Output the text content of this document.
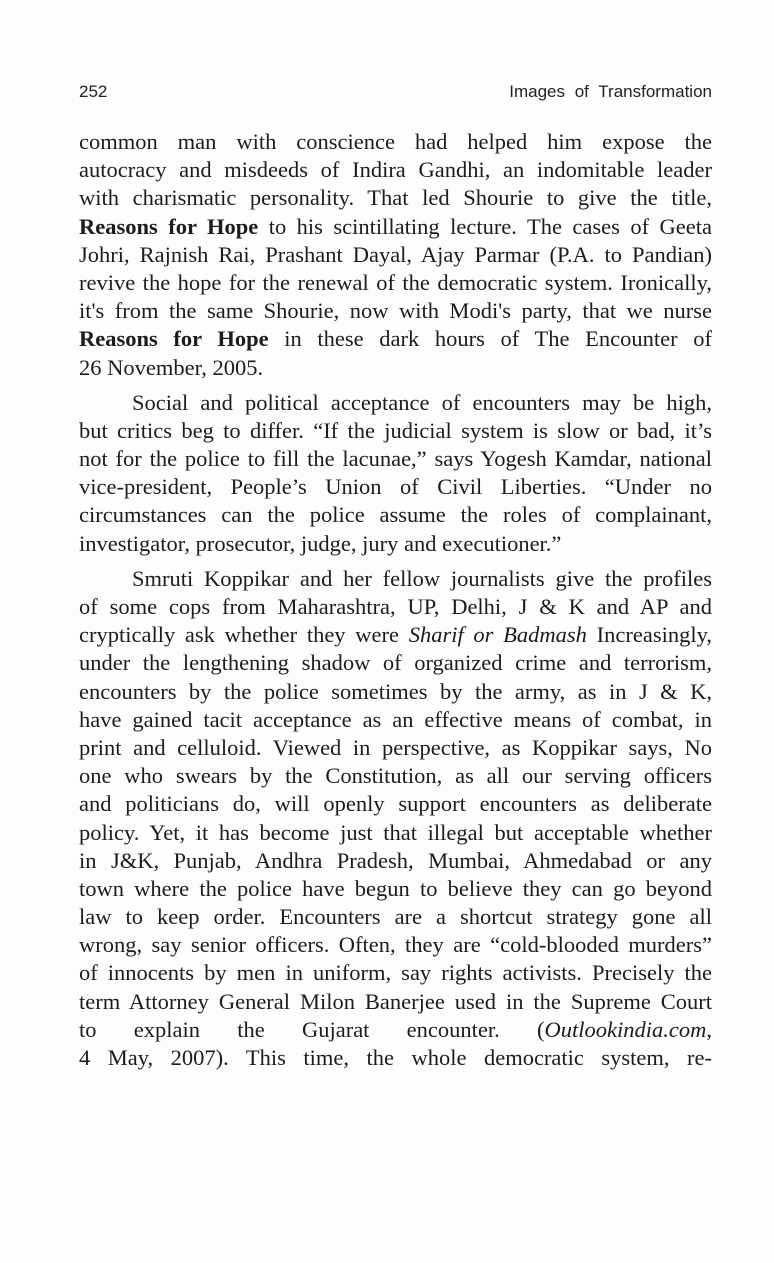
252	Images of Transformation
common man with conscience had helped him expose the
autocracy and misdeeds of Indira Gandhi, an indomitable leader
with charismatic personality. That led Shourie to give the title,
Reasons for Hope to his scintillating lecture. The cases of Geeta
Johri, Rajnish Rai, Prashant Dayal, Ajay Parmar (P.A. to Pandian)
revive the hope for the renewal of the democratic system. Ironically,
it's from the same Shourie, now with Modi's party, that we nurse
Reasons for Hope in these dark hours of The Encounter of
26 November, 2005.
Social and political acceptance of encounters may be high,
but critics beg to differ. “If the judicial system is slow or bad, it’s
not for the police to fill the lacunae,” says Yogesh Kamdar, national
vice-president, People’s Union of Civil Liberties. “Under no
circumstances can the police assume the roles of complainant,
investigator, prosecutor, judge, jury and executioner.”
Smruti Koppikar and her fellow journalists give the profiles
of some cops from Maharashtra, UP, Delhi, J & K and AP and
cryptically ask whether they were Sharif or Badmash Increasingly,
under the lengthening shadow of organized crime and terrorism,
encounters by the police sometimes by the army, as in J & K,
have gained tacit acceptance as an effective means of combat, in
print and celluloid. Viewed in perspective, as Koppikar says, No
one who swears by the Constitution, as all our serving officers
and politicians do, will openly support encounters as deliberate
policy. Yet, it has become just that illegal but acceptable whether
in J&K, Punjab, Andhra Pradesh, Mumbai, Ahmedabad or any
town where the police have begun to believe they can go beyond
law to keep order. Encounters are a shortcut strategy gone all
wrong, say senior officers. Often, they are “cold-blooded murders”
of innocents by men in uniform, say rights activists. Precisely the
term Attorney General Milon Banerjee used in the Supreme Court
to explain the Gujarat encounter. (Outlookindia.com,
4 May, 2007). This time, the whole democratic system, re-
